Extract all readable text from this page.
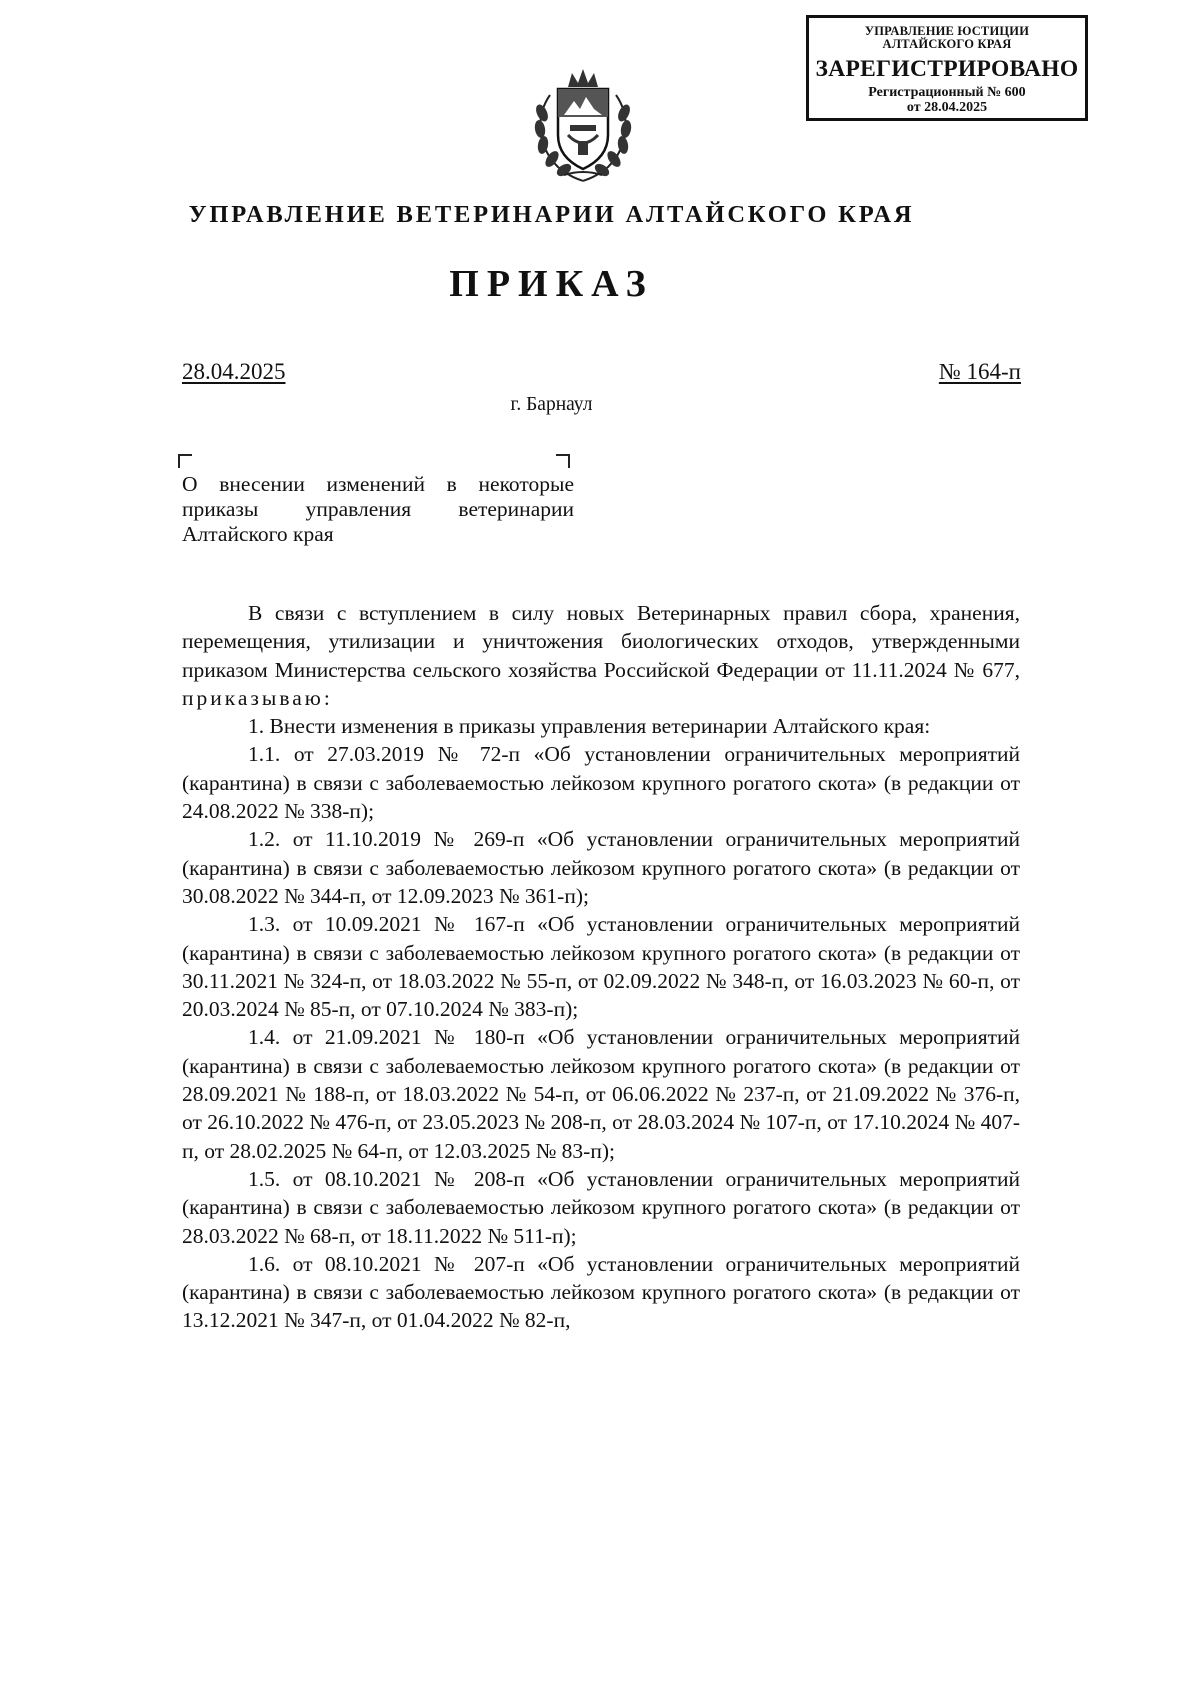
УПРАВЛЕНИЕ ЮСТИЦИИ
АЛТАЙСКОГО КРАЯ
ЗАРЕГИСТРИРОВАНО
Регистрационный № 600
от 28.04.2025
УПРАВЛЕНИЕ ВЕТЕРИНАРИИ АЛТАЙСКОГО КРАЯ
ПРИКАЗ
28.04.2025	№ 164-п
г. Барнаул
О внесении изменений в некоторые
приказы управления ветеринарии
Алтайского края

В связи с вступлением в силу новых Ветеринарных правил сбора, хранения, перемещения, утилизации и уничтожения биологических отходов, утвержденными приказом Министерства сельского хозяйства Российской Федерации от 11.11.2024 № 677, приказываю:

1. Внести изменения в приказы управления ветеринарии Алтайского края:

1.1. от 27.03.2019 № 72-п «Об установлении ограничительных мероприятий (карантина) в связи с заболеваемостью лейкозом крупного рогатого скота» (в редакции от 24.08.2022 № 338-п);

1.2. от 11.10.2019 № 269-п «Об установлении ограничительных мероприятий (карантина) в связи с заболеваемостью лейкозом крупного рогатого скота» (в редакции от 30.08.2022 № 344-п, от 12.09.2023 № 361-п);

1.3. от 10.09.2021 № 167-п «Об установлении ограничительных мероприятий (карантина) в связи с заболеваемостью лейкозом крупного рогатого скота» (в редакции от 30.11.2021 № 324-п, от 18.03.2022 № 55-п, от 02.09.2022 № 348-п, от 16.03.2023 № 60-п, от 20.03.2024 № 85-п, от 07.10.2024 № 383-п);

1.4. от 21.09.2021 № 180-п «Об установлении ограничительных мероприятий (карантина) в связи с заболеваемостью лейкозом крупного рогатого скота» (в редакции от 28.09.2021 № 188-п, от 18.03.2022 № 54-п, от 06.06.2022 № 237-п, от 21.09.2022 № 376-п, от 26.10.2022 № 476-п, от 23.05.2023 № 208-п, от 28.03.2024 № 107-п, от 17.10.2024 № 407-п, от 28.02.2025 № 64-п, от 12.03.2025 № 83-п);

1.5. от 08.10.2021 № 208-п «Об установлении ограничительных мероприятий (карантина) в связи с заболеваемостью лейкозом крупного рогатого скота» (в редакции от 28.03.2022 № 68-п, от 18.11.2022 № 511-п);

1.6. от 08.10.2021 № 207-п «Об установлении ограничительных мероприятий (карантина) в связи с заболеваемостью лейкозом крупного рогатого скота» (в редакции от 13.12.2021 № 347-п, от 01.04.2022 № 82-п,
